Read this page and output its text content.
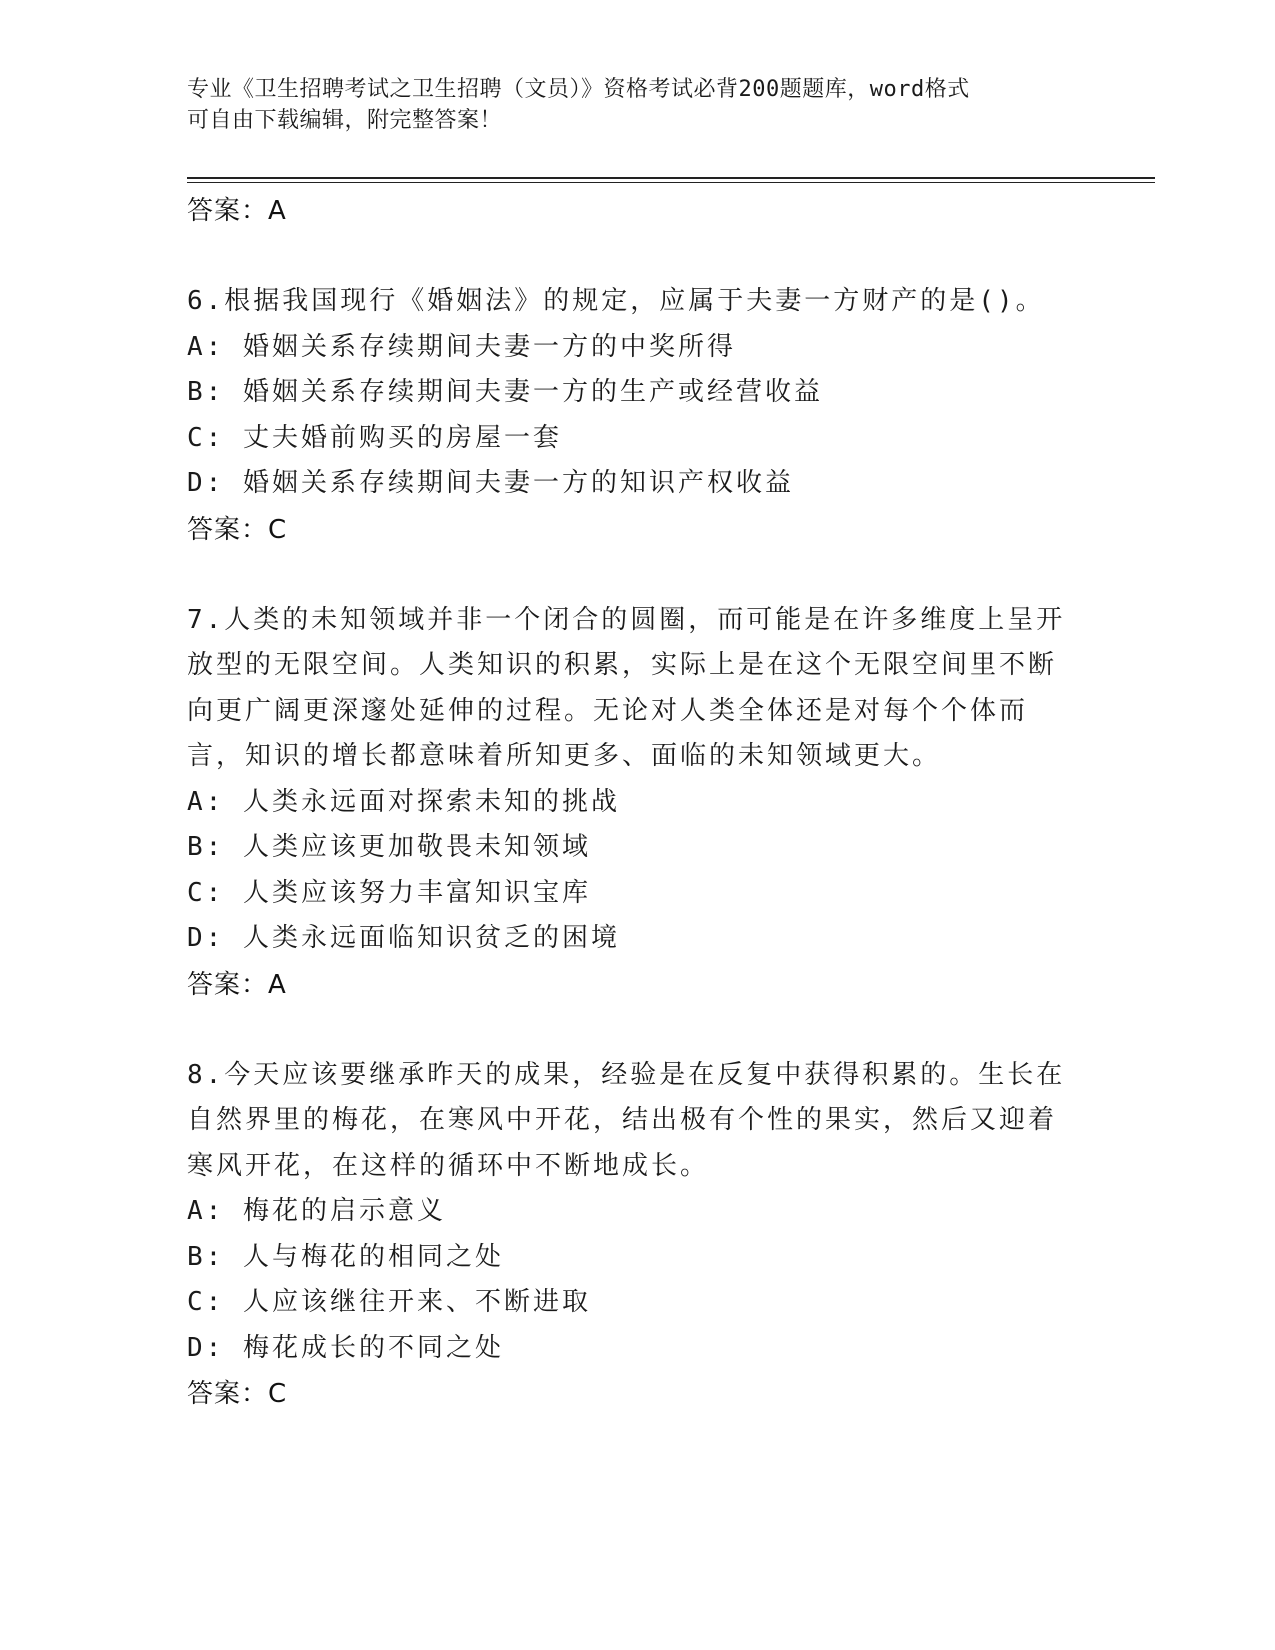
专业《卫生招聘考试之卫生招聘（文员）》资格考试必背200题题库，word格式
可自由下载编辑，附完整答案！
答案：A
6.根据我国现行《婚姻法》的规定，应属于夫妻一方财产的是()。
A: 婚姻关系存续期间夫妻一方的中奖所得
B: 婚姻关系存续期间夫妻一方的生产或经营收益
C: 丈夫婚前购买的房屋一套
D: 婚姻关系存续期间夫妻一方的知识产权收益
答案：C
7.人类的未知领域并非一个闭合的圆圈，而可能是在许多维度上呈开放型的无限空间。人类知识的积累，实际上是在这个无限空间里不断向更广阔更深邃处延伸的过程。无论对人类全体还是对每个个体而言，知识的增长都意味着所知更多、面临的未知领域更大。
A: 人类永远面对探索未知的挑战
B: 人类应该更加敬畏未知领域
C: 人类应该努力丰富知识宝库
D: 人类永远面临知识贫乏的困境
答案：A
8.今天应该要继承昨天的成果，经验是在反复中获得积累的。生长在自然界里的梅花，在寒风中开花，结出极有个性的果实，然后又迎着寒风开花，在这样的循环中不断地成长。
A: 梅花的启示意义
B: 人与梅花的相同之处
C: 人应该继往开来、不断进取
D: 梅花成长的不同之处
答案：C
